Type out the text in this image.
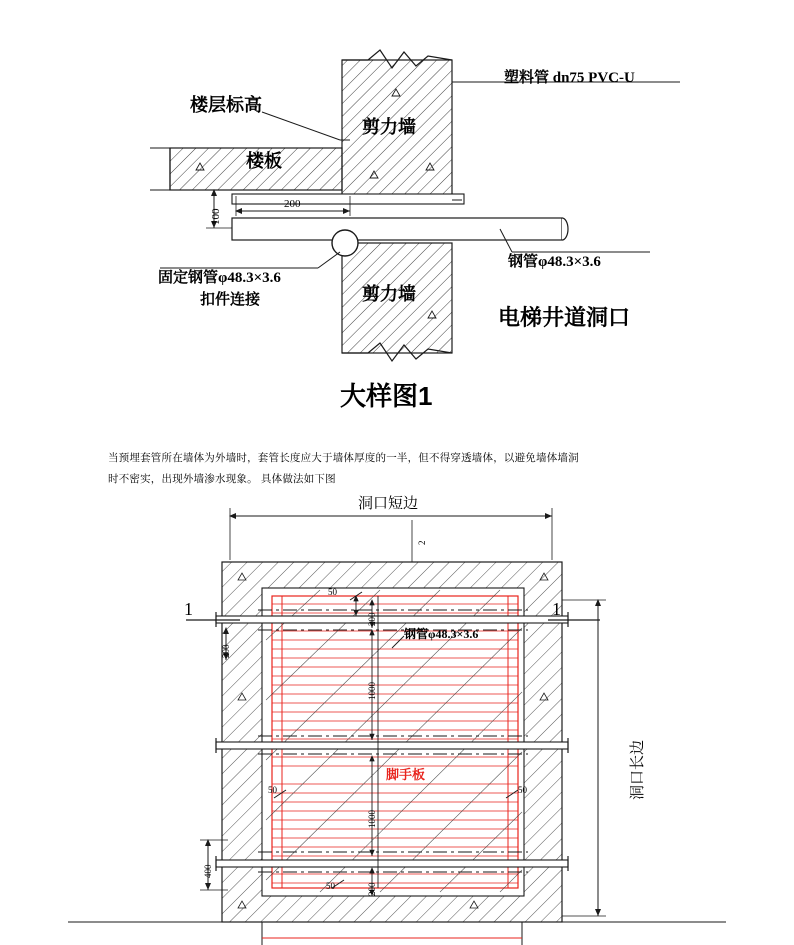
楼层标高
楼板
剪力墙
剪力墙
塑料管 dn75 PVC-U
钢管φ48.3×3.6
固定钢管φ48.3×3.6
扣件连接
电梯井道洞口
100
200
大样图1
当预埋套管所在墙体为外墙时，套管长度应大于墙体厚度的一半，但不得穿透墙体，以避免墙体墙洞
时不密实，出现外墙渗水现象。 具体做法如下图
洞口短边
洞口长边
钢管φ48.3×3.6
脚手板
1	1
2
200
50
200
1000
1000
50	50
400
200
50
